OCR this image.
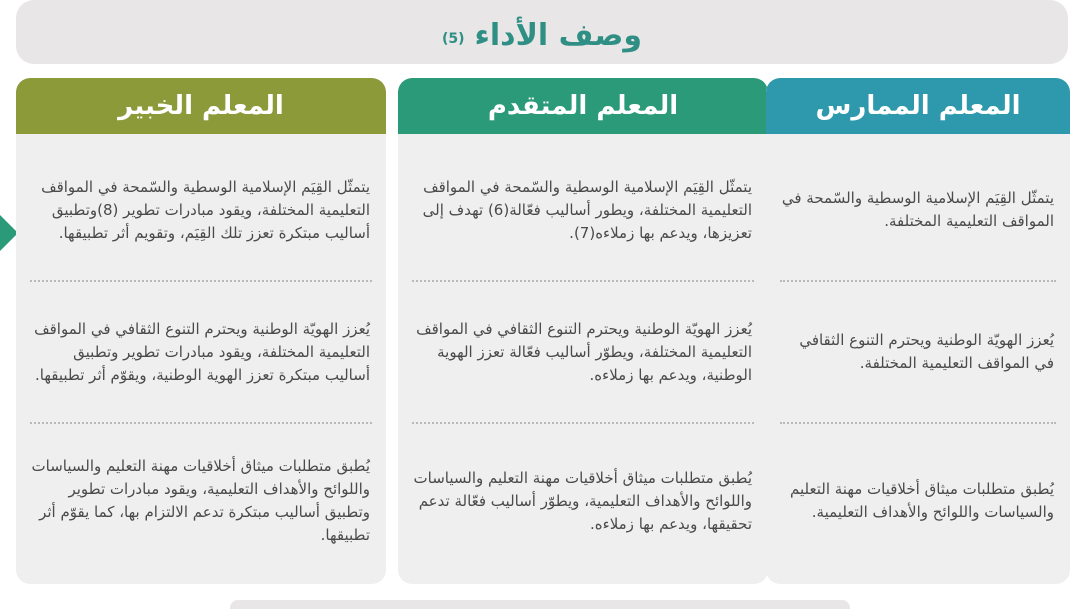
وصف الأداء
(5)
المعلم الخبير
يتمثّل القِيَم الإسلامية الوسطية والسّمحة في المواقف التعليمية المختلفة، ويقود مبادرات تطوير (8)وتطبيق أساليب مبتكرة تعزز تلك القِيَم، وتقويم أثر تطبيقها.
يُعزز الهويّة الوطنية ويحترم التنوع الثقافي في المواقف التعليمية المختلفة، ويقود مبادرات تطوير وتطبيق أساليب مبتكرة تعزز الهوية الوطنية، ويقوّم أثر تطبيقها.
يُطبق متطلبات ميثاق أخلاقيات مهنة التعليم والسياسات واللوائح والأهداف التعليمية، ويقود مبادرات تطوير وتطبيق أساليب مبتكرة تدعم الالتزام بها، كما يقوّم أثر تطبيقها.
المعلم المتقدم
يتمثّل القِيَم الإسلامية الوسطية والسّمحة في المواقف التعليمية المختلفة، ويطور أساليب فعّالة(6) تهدف إلى تعزيزها، ويدعم بها زملاءه(7).
يُعزز الهويّة الوطنية ويحترم التنوع الثقافي في المواقف التعليمية المختلفة، ويطوّر أساليب فعّالة تعزز الهوية الوطنية، ويدعم بها زملاءه.
يُطبق متطلبات ميثاق أخلاقيات مهنة التعليم والسياسات واللوائح والأهداف التعليمية، ويطوّر أساليب فعّالة تدعم تحقيقها، ويدعم بها زملاءه.
المعلم الممارس
يتمثّل القِيَم الإسلامية الوسطية والسّمحة في المواقف التعليمية المختلفة.
يُعزز الهويّة الوطنية ويحترم التنوع الثقافي في المواقف التعليمية المختلفة.
يُطبق متطلبات ميثاق أخلاقيات مهنة التعليم والسياسات واللوائح والأهداف التعليمية.
